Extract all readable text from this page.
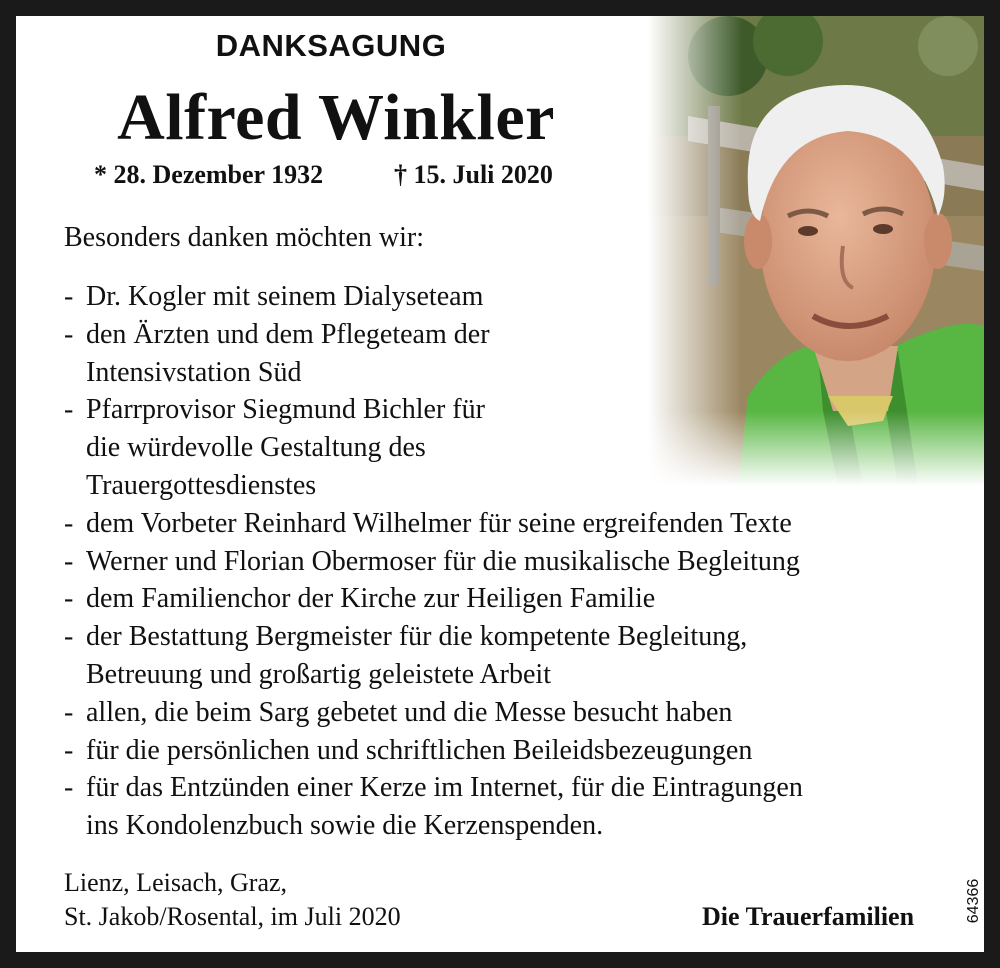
DANKSAGUNG
Alfred Winkler
* 28. Dezember 1932	† 15. Juli 2020
Besonders danken möchten wir:
- Dr. Kogler mit seinem Dialyseteam
- den Ärzten und dem Pflegeteam der
Intensivstation Süd
- Pfarrprovisor Siegmund Bichler für
die würdevolle Gestaltung des
Trauergottesdienstes
- dem Vorbeter Reinhard Wilhelmer für seine ergreifenden Texte
- Werner und Florian Obermoser für die musikalische Begleitung
- dem Familienchor der Kirche zur Heiligen Familie
- der Bestattung Bergmeister für die kompetente Begleitung,
Betreuung und großartig geleistete Arbeit
- allen, die beim Sarg gebetet und die Messe besucht haben
- für die persönlichen und schriftlichen Beileidsbezeugungen
- für das Entzünden einer Kerze im Internet, für die Eintragungen
ins Kondolenzbuch sowie die Kerzenspenden.
Lienz, Leisach, Graz,
St. Jakob/Rosental, im Juli 2020	Die Trauerfamilien	64366
